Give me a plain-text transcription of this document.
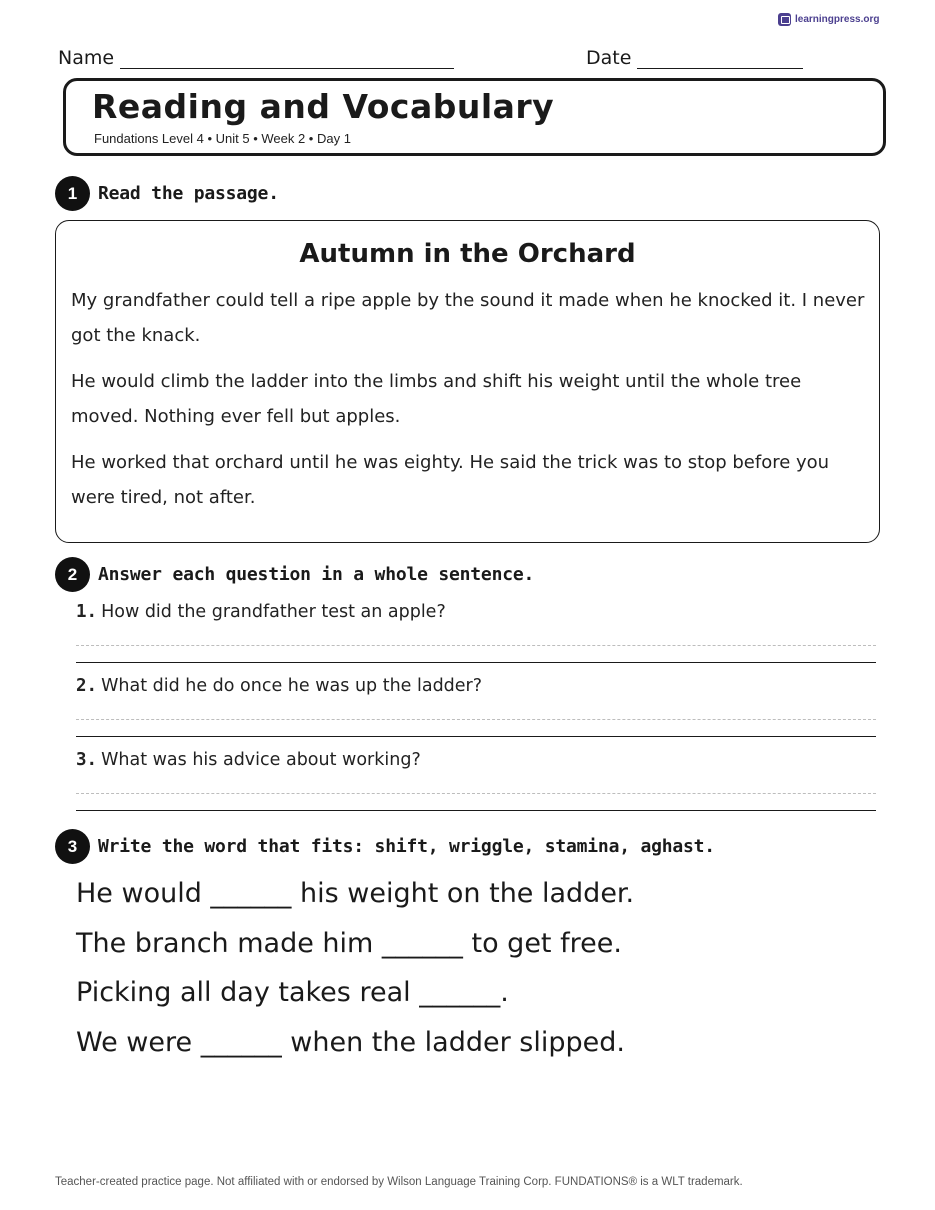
learningpress.org
Name	Date
Reading and Vocabulary
Fundations Level 4 • Unit 5 • Week 2 • Day 1
1	Read the passage.
Autumn in the Orchard
My grandfather could tell a ripe apple by the sound it made when he knocked it. I never got the knack.
He would climb the ladder into the limbs and shift his weight until the whole tree moved. Nothing ever fell but apples.
He worked that orchard until he was eighty. He said the trick was to stop before you were tired, not after.
2	Answer each question in a whole sentence.
1. How did the grandfather test an apple?
2. What did he do once he was up the ladder?
3. What was his advice about working?
3	Write the word that fits: shift, wriggle, stamina, aghast.
He would ______ his weight on the ladder.
The branch made him ______ to get free.
Picking all day takes real ______.
We were ______ when the ladder slipped.
Teacher-created practice page. Not affiliated with or endorsed by Wilson Language Training Corp. FUNDATIONS® is a WLT trademark.
